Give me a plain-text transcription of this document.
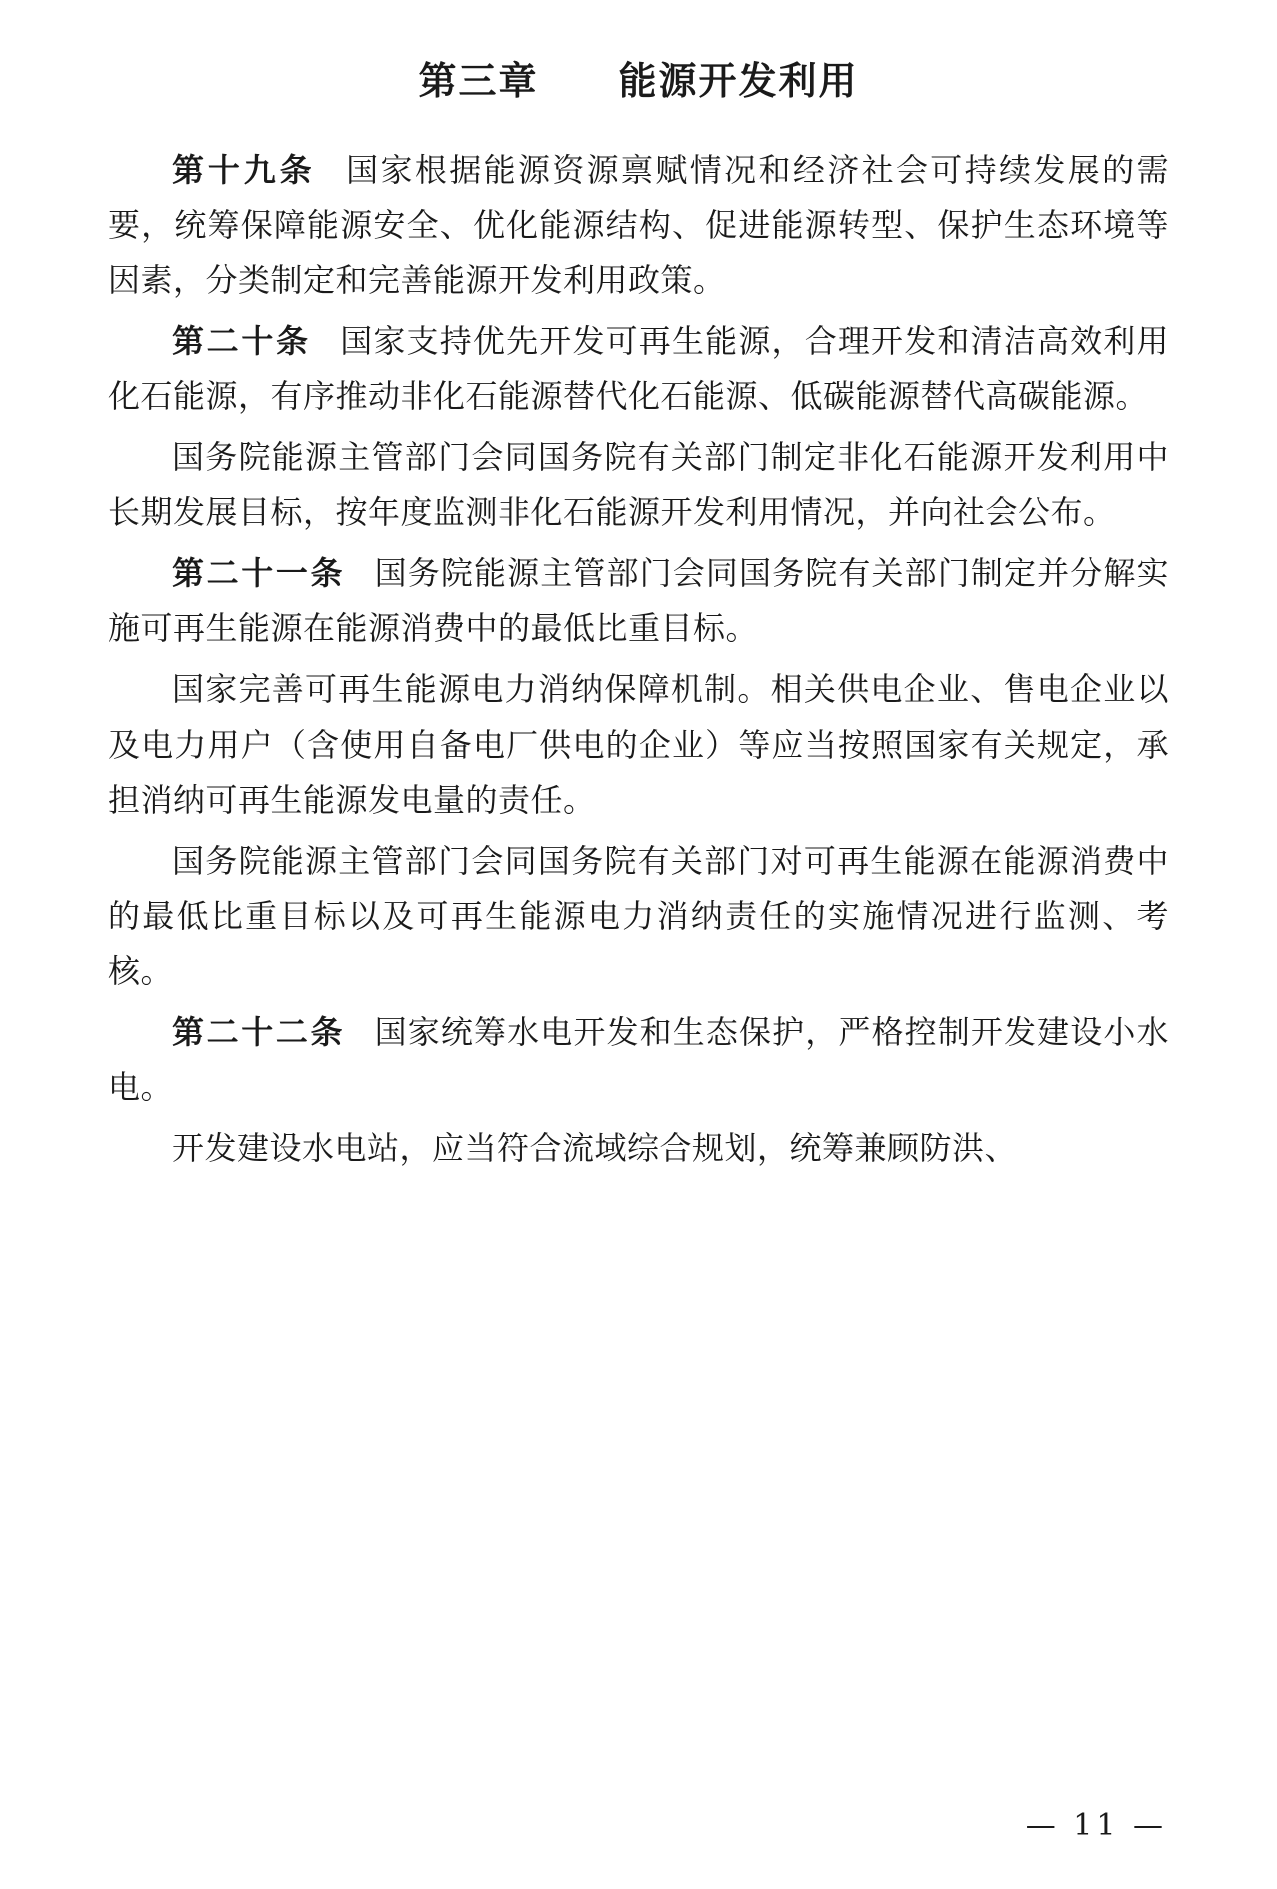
第三章　　能源开发利用

第十九条 国家根据能源资源禀赋情况和经济社会可持续发展的需要，统筹保障能源安全、优化能源结构、促进能源转型、保护生态环境等因素，分类制定和完善能源开发利用政策。

第二十条 国家支持优先开发可再生能源，合理开发和清洁高效利用化石能源，有序推动非化石能源替代化石能源、低碳能源替代高碳能源。

国务院能源主管部门会同国务院有关部门制定非化石能源开发利用中长期发展目标，按年度监测非化石能源开发利用情况，并向社会公布。

第二十一条 国务院能源主管部门会同国务院有关部门制定并分解实施可再生能源在能源消费中的最低比重目标。

国家完善可再生能源电力消纳保障机制。相关供电企业、售电企业以及电力用户（含使用自备电厂供电的企业）等应当按照国家有关规定，承担消纳可再生能源发电量的责任。

国务院能源主管部门会同国务院有关部门对可再生能源在能源消费中的最低比重目标以及可再生能源电力消纳责任的实施情况进行监测、考核。

第二十二条 国家统筹水电开发和生态保护，严格控制开发建设小水电。

开发建设水电站，应当符合流域综合规划，统筹兼顾防洪、

— 11 —
